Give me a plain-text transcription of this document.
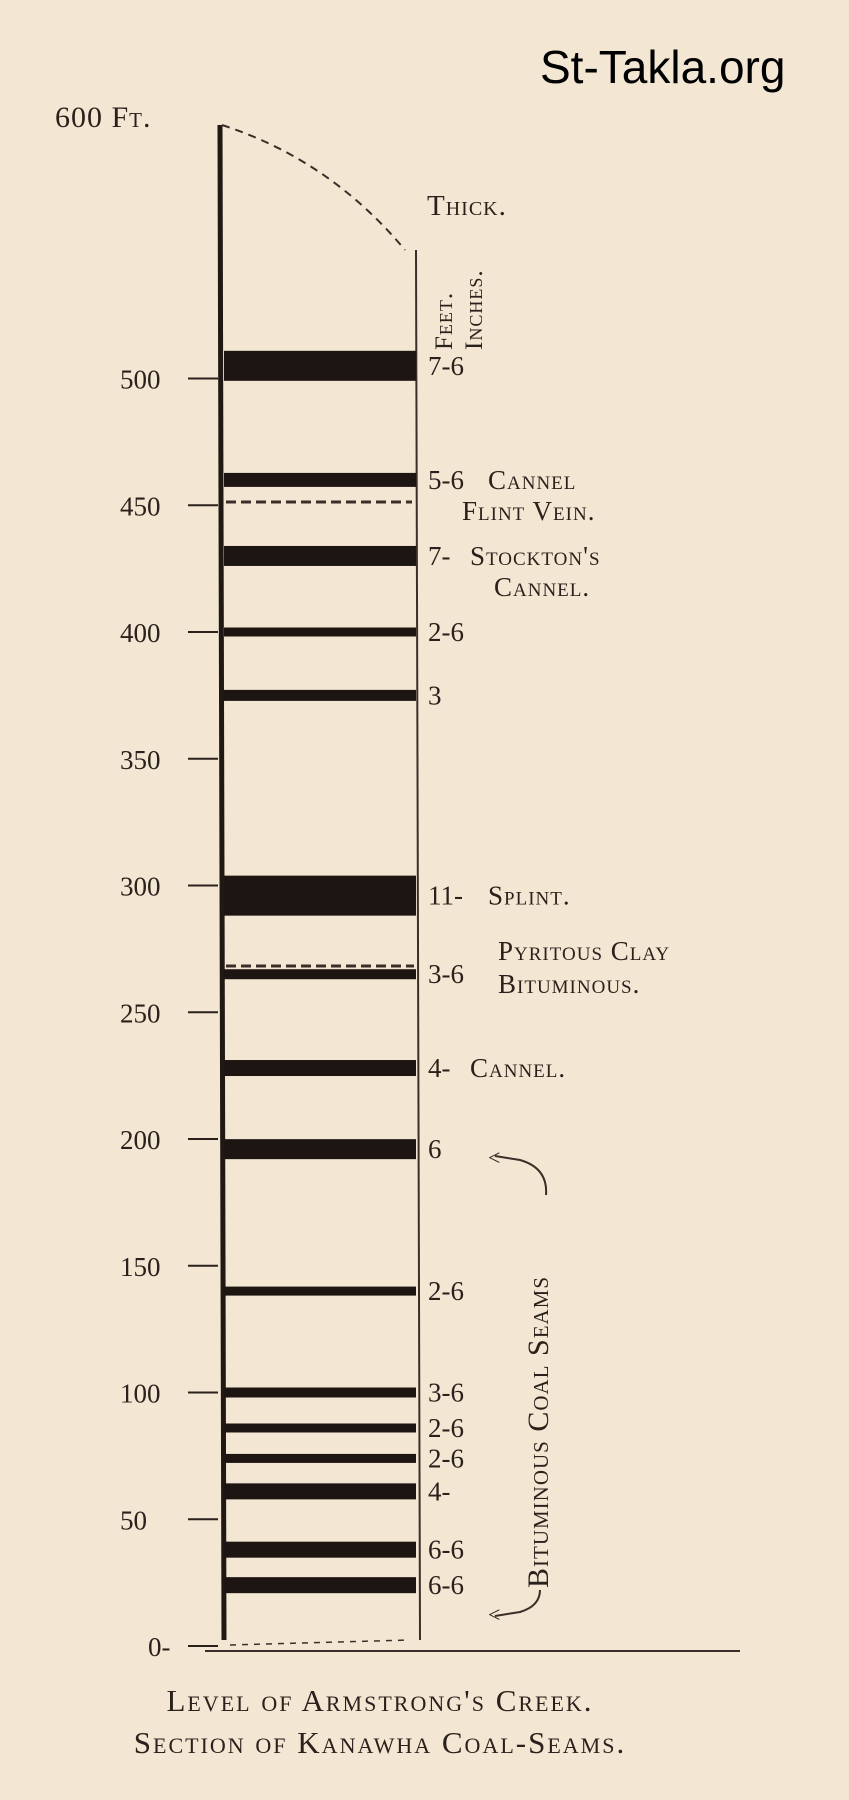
600 Ft.
Thick.
Feet. Inches.
500
450
400
350
300
250
200
150
100
50
0-
7-6
5-6 Cannel
7- Stockton's
2-6
3
11- Splint.
3-6
Pyritous Clay
4- Cannel.
6
2-6
3-6
2-6
2-6
4-
6-6
6-6
Flint Vein.
Cannel.
Bituminous.
<
<
Bituminous Coal Seams
St-Takla.org
Level of Armstrong's Creek.
Section of Kanawha Coal-Seams.
